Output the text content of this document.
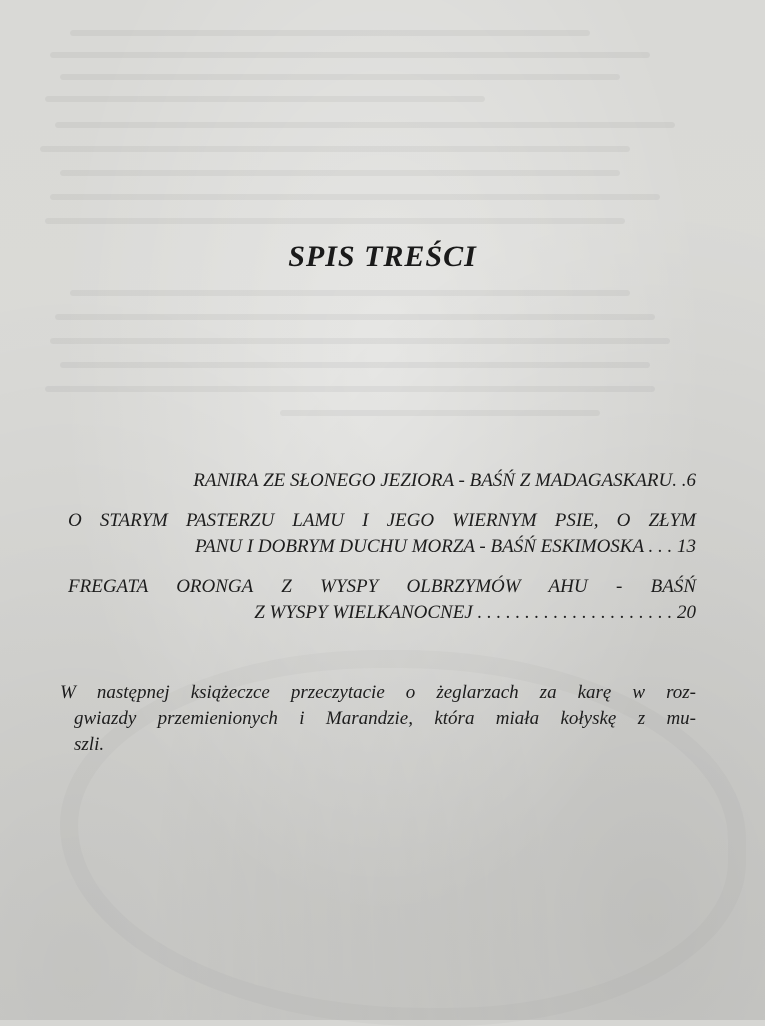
SPIS TREŚCI
RANIRA ZE SŁONEGO JEZIORA - BAŚŃ Z MADAGASKARU. .6
O STARYM PASTERZU LAMU I JEGO WIERNYM PSIE, O ZŁYM
PANU I DOBRYM DUCHU MORZA - BAŚŃ ESKIMOSKA . . . 13
FREGATA ORONGA Z WYSPY OLBRZYMÓW AHU - BAŚŃ
Z WYSPY WIELKANOCNEJ . . . . . . . . . . . . . . . . . . . . . 20
W następnej książeczce przeczytacie o żeglarzach za karę w roz-
gwiazdy przemienionych i Marandzie, która miała kołyskę z mu-
szli.
